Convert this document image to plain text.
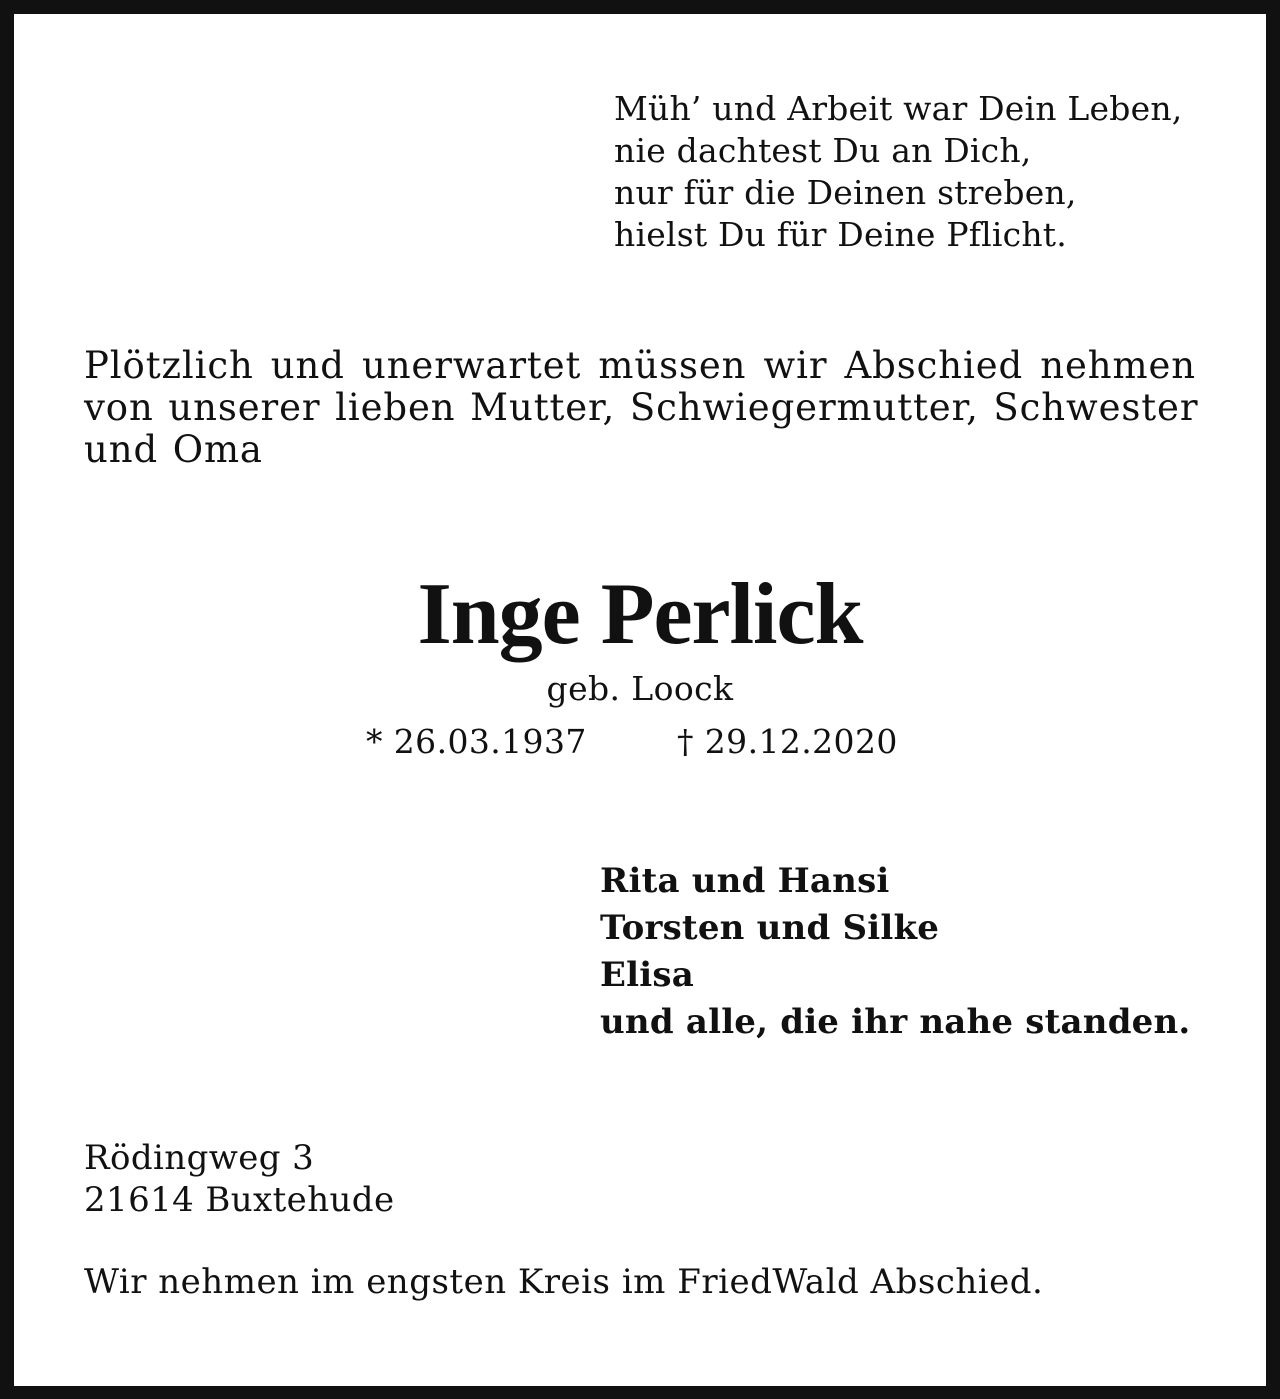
Müh’ und Arbeit war Dein Leben,
nie dachtest Du an Dich,
nur für die Deinen streben,
hielst Du für Deine Pflicht.
Plötzlich und unerwartet müssen wir Abschied nehmen
von unserer lieben Mutter, Schwiegermutter, Schwester
und Oma
Inge Perlick
geb. Loock
* 26.03.1937	† 29.12.2020
Rita und Hansi
Torsten und Silke
Elisa
und alle, die ihr nahe standen.
Rödingweg 3
21614 Buxtehude
Wir nehmen im engsten Kreis im FriedWald Abschied.
